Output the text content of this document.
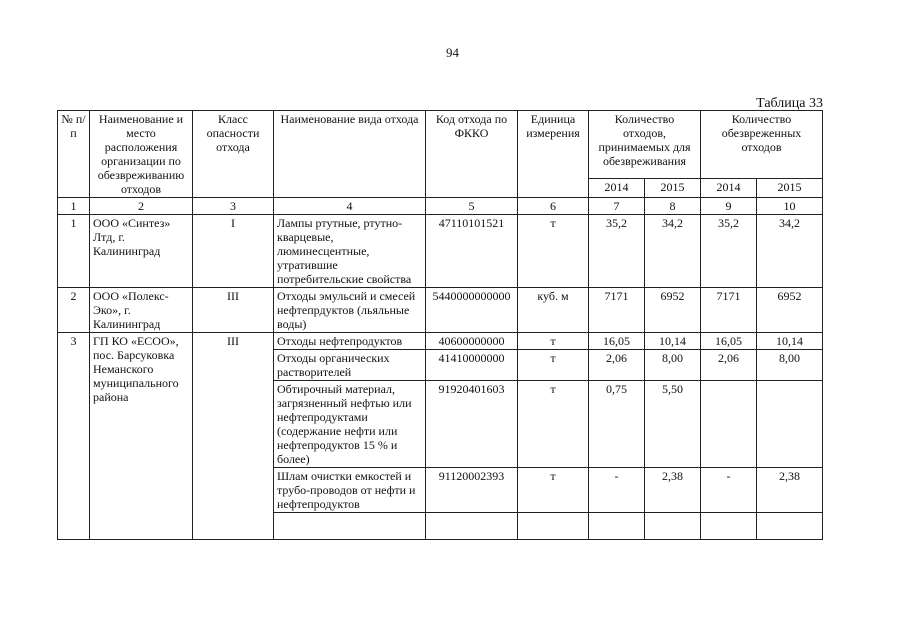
94
Таблица 33
№ п/п	Наименование и место расположения организации по обезвреживанию отходов	Класс опасности отхода	Наименование вида отхода	Код отхода по ФККО	Единица измерения	Количество отходов, принимаемых для обезвреживания		Количество обезвреженных отходов	
						2014	2015	2014	2015
1	2	3	4	5	6	7	8	9	10
1	ООО «Синтез» Лтд, г. Калининград	I	Лампы ртутные, ртутно-кварцевые, люминесцентные, утратившие потребительские свойства	47110101521	т	35,2	34,2	35,2	34,2
2	ООО «Полекс-Эко», г. Калининград	III	Отходы эмульсий и смесей нефтепрдуктов (льяльные воды)	5440000000000	куб. м	7171	6952	7171	6952
3	ГП КО «ЕСОО», пос. Барсуковка Неманского муниципального района	III	Отходы нефтепродуктов	40600000000	т	16,05	10,14	16,05	10,14
			Отходы органических растворителей	41410000000	т	2,06	8,00	2,06	8,00
			Обтирочный материал, загрязненный нефтью или нефтепродуктами (содержание нефти или нефтепродуктов 15 % и более)	91920401603	т	0,75	5,50		
			Шлам очистки емкостей и трубо-проводов от нефти и нефтепродуктов	91120002393	т	-	2,38	-	2,38
